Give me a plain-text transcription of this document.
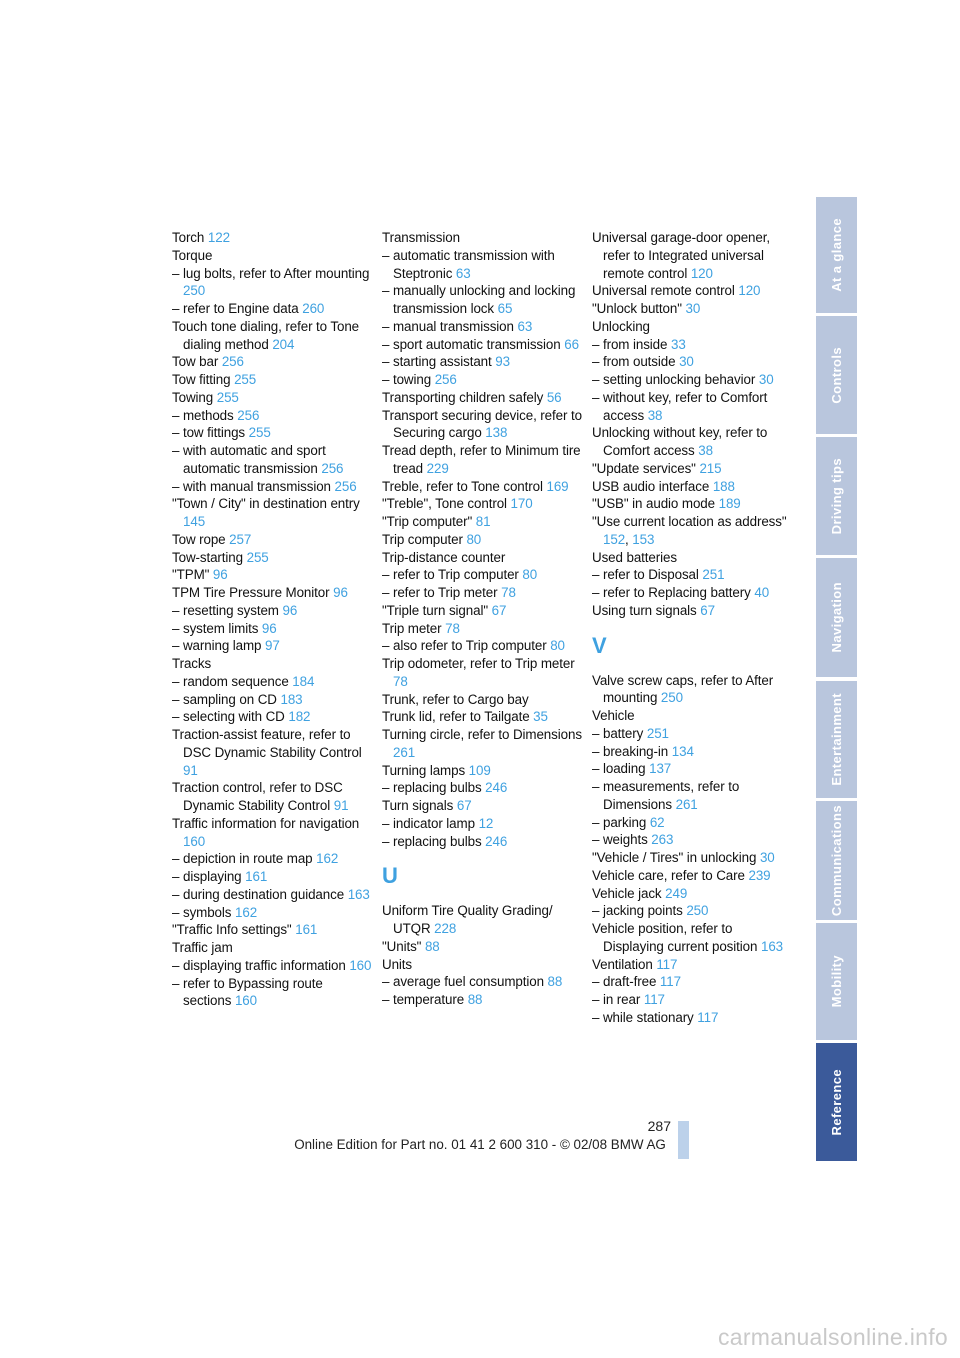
Torch 122
Torque
– lug bolts, refer to After mounting 250
– refer to Engine data 260
Touch tone dialing, refer to Tone dialing method 204
Tow bar 256
Tow fitting 255
Towing 255
– methods 256
– tow fittings 255
– with automatic and sport automatic transmission 256
– with manual transmission 256
"Town / City" in destination entry 145
Tow rope 257
Tow-starting 255
"TPM" 96
TPM Tire Pressure Monitor 96
– resetting system 96
– system limits 96
– warning lamp 97
Tracks
– random sequence 184
– sampling on CD 183
– selecting with CD 182
Traction-assist feature, refer to DSC Dynamic Stability Control 91
Traction control, refer to DSC Dynamic Stability Control 91
Traffic information for navigation 160
– depiction in route map 162
– displaying 161
– during destination guidance 163
– symbols 162
"Traffic Info settings" 161
Traffic jam
– displaying traffic information 160
– refer to Bypassing route sections 160
Transmission
– automatic transmission with Steptronic 63
– manually unlocking and locking transmission lock 65
– manual transmission 63
– sport automatic transmission 66
– starting assistant 93
– towing 256
Transporting children safely 56
Transport securing device, refer to Securing cargo 138
Tread depth, refer to Minimum tire tread 229
Treble, refer to Tone control 169
"Treble", Tone control 170
"Trip computer" 81
Trip computer 80
Trip-distance counter
– refer to Trip computer 80
– refer to Trip meter 78
"Triple turn signal" 67
Trip meter 78
– also refer to Trip computer 80
Trip odometer, refer to Trip meter 78
Trunk, refer to Cargo bay
Trunk lid, refer to Tailgate 35
Turning circle, refer to Dimensions 261
Turning lamps 109
– replacing bulbs 246
Turn signals 67
– indicator lamp 12
– replacing bulbs 246
U
Uniform Tire Quality Grading/ UTQR 228
"Units" 88
Units
– average fuel consumption 88
– temperature 88
Universal garage-door opener, refer to Integrated universal remote control 120
Universal remote control 120
"Unlock button" 30
Unlocking
– from inside 33
– from outside 30
– setting unlocking behavior 30
– without key, refer to Comfort access 38
Unlocking without key, refer to Comfort access 38
"Update services" 215
USB audio interface 188
"USB" in audio mode 189
"Use current location as address" 152, 153
Used batteries
– refer to Disposal 251
– refer to Replacing battery 40
Using turn signals 67
V
Valve screw caps, refer to After mounting 250
Vehicle
– battery 251
– breaking-in 134
– loading 137
– measurements, refer to Dimensions 261
– parking 62
– weights 263
"Vehicle / Tires" in unlocking 30
Vehicle care, refer to Care 239
Vehicle jack 249
– jacking points 250
Vehicle position, refer to Displaying current position 163
Ventilation 117
– draft-free 117
– in rear 117
– while stationary 117
At a glance
Controls
Driving tips
Navigation
Entertainment
Communications
Mobility
Reference
287
Online Edition for Part no. 01 41 2 600 310 - © 02/08 BMW AG
carmanualsonline.info
